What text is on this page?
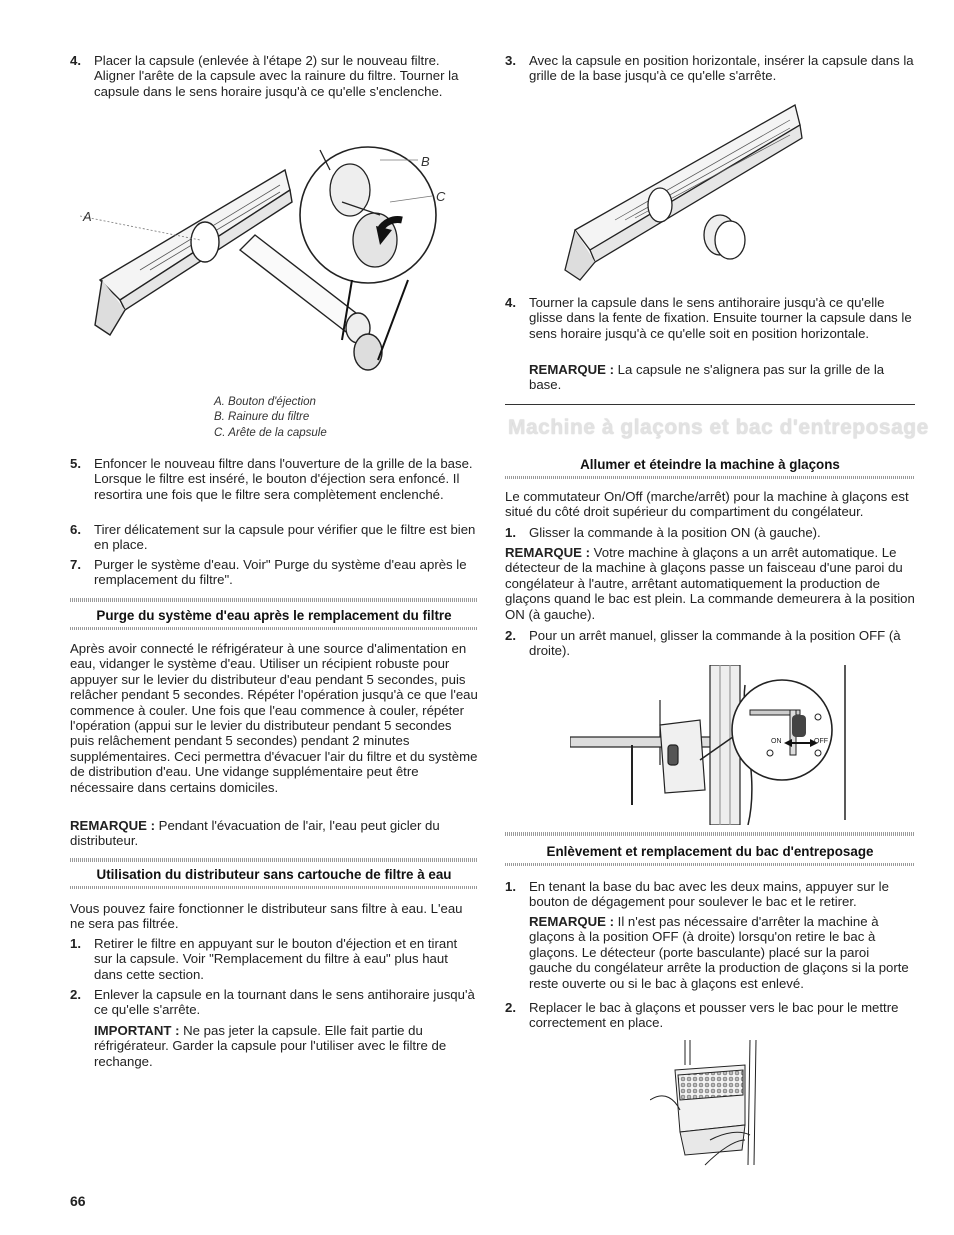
4. Placer la capsule (enlevée à l'étape 2) sur le nouveau filtre. Aligner l'arête de la capsule avec la rainure du filtre. Tourner la capsule dans le sens horaire jusqu'à ce qu'elle s'enclenche.
A
B
C
A. Bouton d'éjection
B. Rainure du filtre
C. Arête de la capsule
5. Enfoncer le nouveau filtre dans l'ouverture de la grille de la base. Lorsque le filtre est inséré, le bouton d'éjection sera enfoncé. Il resortira une fois que le filtre sera complètement enclenché.
6. Tirer délicatement sur la capsule pour vérifier que le filtre est bien en place.
7. Purger le système d'eau. Voir" Purge du système d'eau après le remplacement du filtre".
Purge du système d'eau après le remplacement du filtre
Après avoir connecté le réfrigérateur à une source d'alimentation en eau, vidanger le système d'eau. Utiliser un récipient robuste pour appuyer sur le levier du distributeur d'eau pendant 5 secondes, puis relâcher pendant 5 secondes. Répéter l'opération jusqu'à ce que l'eau commence à couler. Une fois que l'eau commence à couler, répéter l'opération (appui sur le levier du distributeur pendant 5 secondes puis relâchement pendant 5 secondes) pendant 2 minutes supplémentaires. Ceci permettra d'évacuer l'air du filtre et du système de distribution d'eau. Une vidange supplémentaire peut être nécessaire dans certains domiciles.
REMARQUE : Pendant l'évacuation de l'air, l'eau peut gicler du distributeur.
Utilisation du distributeur sans cartouche de filtre à eau
Vous pouvez faire fonctionner le distributeur sans filtre à eau. L'eau ne sera pas filtrée.
1. Retirer le filtre en appuyant sur le bouton d'éjection et en tirant sur la capsule. Voir "Remplacement du filtre à eau" plus haut dans cette section.
2. Enlever la capsule en la tournant dans le sens antihoraire jusqu'à ce qu'elle s'arrête.
IMPORTANT : Ne pas jeter la capsule. Elle fait partie du réfrigérateur. Garder la capsule pour l'utiliser avec le filtre de rechange.
66
3. Avec la capsule en position horizontale, insérer la capsule dans la grille de la base jusqu'à ce qu'elle s'arrête.
4. Tourner la capsule dans le sens antihoraire jusqu'à ce qu'elle glisse dans la fente de fixation. Ensuite tourner la capsule dans le sens horaire jusqu'à ce qu'elle soit en position horizontale.
REMARQUE : La capsule ne s'alignera pas sur la grille de la base.
Machine à glaçons et bac d'entreposage
Allumer et éteindre la machine à glaçons
Le commutateur On/Off (marche/arrêt) pour la machine à glaçons est situé du côté droit supérieur du compartiment du congélateur.
1. Glisser la commande à la position ON (à gauche).
REMARQUE : Votre machine à glaçons a un arrêt automatique. Le détecteur de la machine à glaçons passe un faisceau d'une paroi du congélateur à l'autre, arrêtant automatiquement la production de glaçons quand le bac est plein. La commande demeurera à la position ON (à gauche).
2. Pour un arrêt manuel, glisser la commande à la position OFF (à droite).
ON	OFF
Enlèvement et remplacement du bac d'entreposage
1. En tenant la base du bac avec les deux mains, appuyer sur le bouton de dégagement pour soulever le bac et le retirer.
REMARQUE : Il n'est pas nécessaire d'arrêter la machine à glaçons à la position OFF (à droite) lorsqu'on retire le bac à glaçons. Le détecteur (porte basculante) placé sur la paroi gauche du congélateur arrête la production de glaçons si la porte reste ouverte ou si le bac à glaçons est enlevé.
2. Replacer le bac à glaçons et pousser vers le bac pour le mettre correctement en place.
